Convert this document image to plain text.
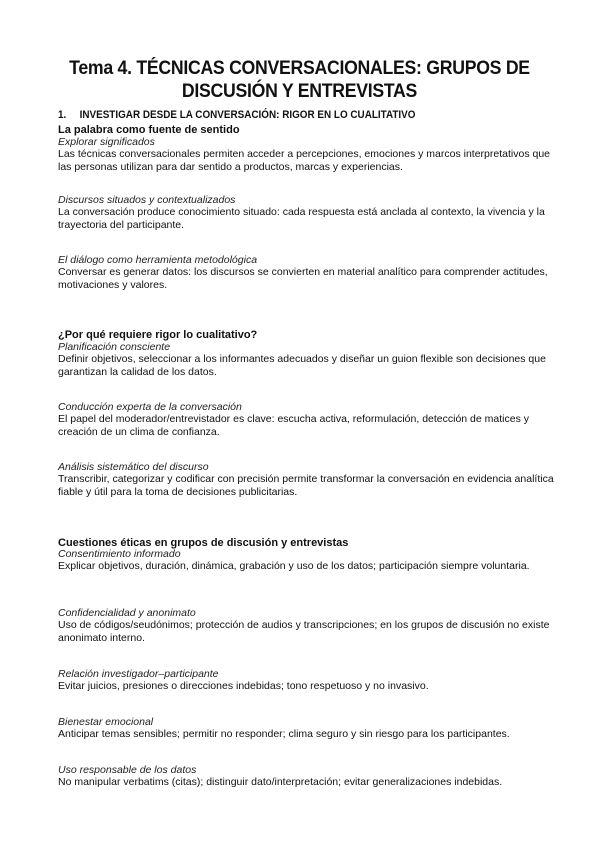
Tema 4. TÉCNICAS CONVERSACIONALES: GRUPOS DE DISCUSIÓN Y ENTREVISTAS
1. INVESTIGAR DESDE LA CONVERSACIÓN: RIGOR EN LO CUALITATIVO
La palabra como fuente de sentido
Explorar significados
Las técnicas conversacionales permiten acceder a percepciones, emociones y marcos interpretativos que las personas utilizan para dar sentido a productos, marcas y experiencias.
Discursos situados y contextualizados
La conversación produce conocimiento situado: cada respuesta está anclada al contexto, la vivencia y la trayectoria del participante.
El diálogo como herramienta metodológica
Conversar es generar datos: los discursos se convierten en material analítico para comprender actitudes, motivaciones y valores.
¿Por qué requiere rigor lo cualitativo?
Planificación consciente
Definir objetivos, seleccionar a los informantes adecuados y diseñar un guion flexible son decisiones que garantizan la calidad de los datos.
Conducción experta de la conversación
El papel del moderador/entrevistador es clave: escucha activa, reformulación, detección de matices y creación de un clima de confianza.
Análisis sistemático del discurso
Transcribir, categorizar y codificar con precisión permite transformar la conversación en evidencia analítica fiable y útil para la toma de decisiones publicitarias.
Cuestiones éticas en grupos de discusión y entrevistas
Consentimiento informado
Explicar objetivos, duración, dinámica, grabación y uso de los datos; participación siempre voluntaria.
Confidencialidad y anonimato
Uso de códigos/seudónimos; protección de audios y transcripciones; en los grupos de discusión no existe anonimato interno.
Relación investigador–participante
Evitar juicios, presiones o direcciones indebidas; tono respetuoso y no invasivo.
Bienestar emocional
Anticipar temas sensibles; permitir no responder; clima seguro y sin riesgo para los participantes.
Uso responsable de los datos
No manipular verbatims (citas); distinguir dato/interpretación; evitar generalizaciones indebidas.
